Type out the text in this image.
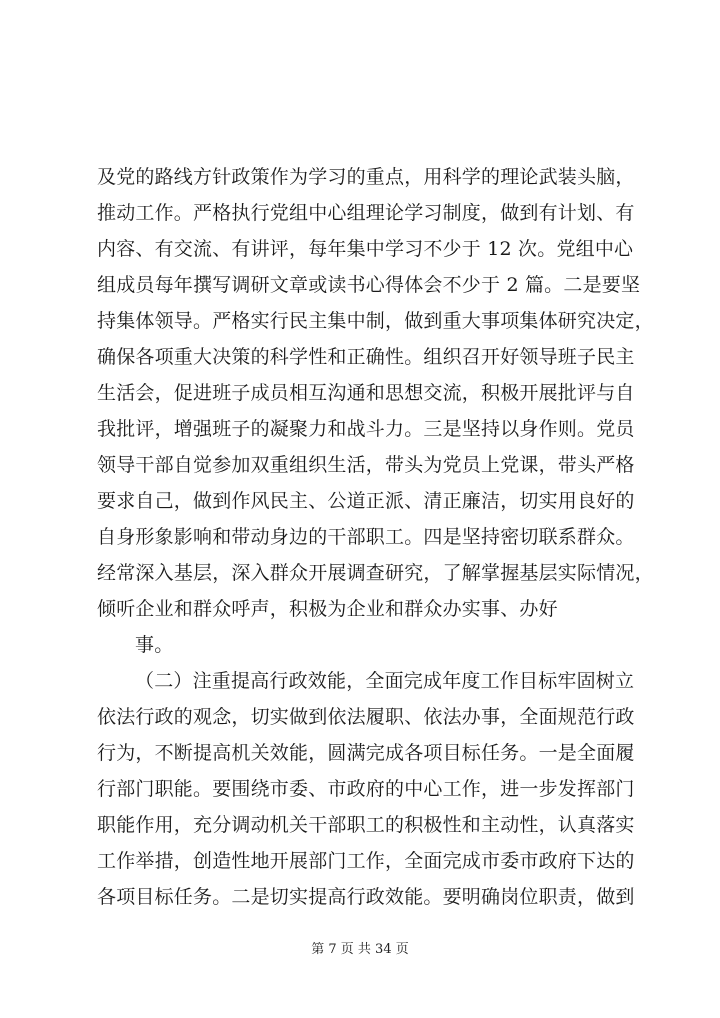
及党的路线方针政策作为学习的重点，用科学的理论武装头脑，
推动工作。严格执行党组中心组理论学习制度，做到有计划、有
内容、有交流、有讲评，每年集中学习不少于 12 次。党组中心
组成员每年撰写调研文章或读书心得体会不少于 2 篇。二是要坚
持集体领导。严格实行民主集中制，做到重大事项集体研究决定，
确保各项重大决策的科学性和正确性。组织召开好领导班子民主
生活会，促进班子成员相互沟通和思想交流，积极开展批评与自
我批评，增强班子的凝聚力和战斗力。三是坚持以身作则。党员
领导干部自觉参加双重组织生活，带头为党员上党课，带头严格
要求自己，做到作风民主、公道正派、清正廉洁，切实用良好的
自身形象影响和带动身边的干部职工。四是坚持密切联系群众。
经常深入基层，深入群众开展调查研究，了解掌握基层实际情况，
倾听企业和群众呼声，积极为企业和群众办实事、办好
事。
（二）注重提高行政效能，全面完成年度工作目标牢固树立
依法行政的观念，切实做到依法履职、依法办事，全面规范行政
行为，不断提高机关效能，圆满完成各项目标任务。一是全面履
行部门职能。要围绕市委、市政府的中心工作，进一步发挥部门
职能作用，充分调动机关干部职工的积极性和主动性，认真落实
工作举措，创造性地开展部门工作，全面完成市委市政府下达的
各项目标任务。二是切实提高行政效能。要明确岗位职责，做到
第 7 页 共 34 页
